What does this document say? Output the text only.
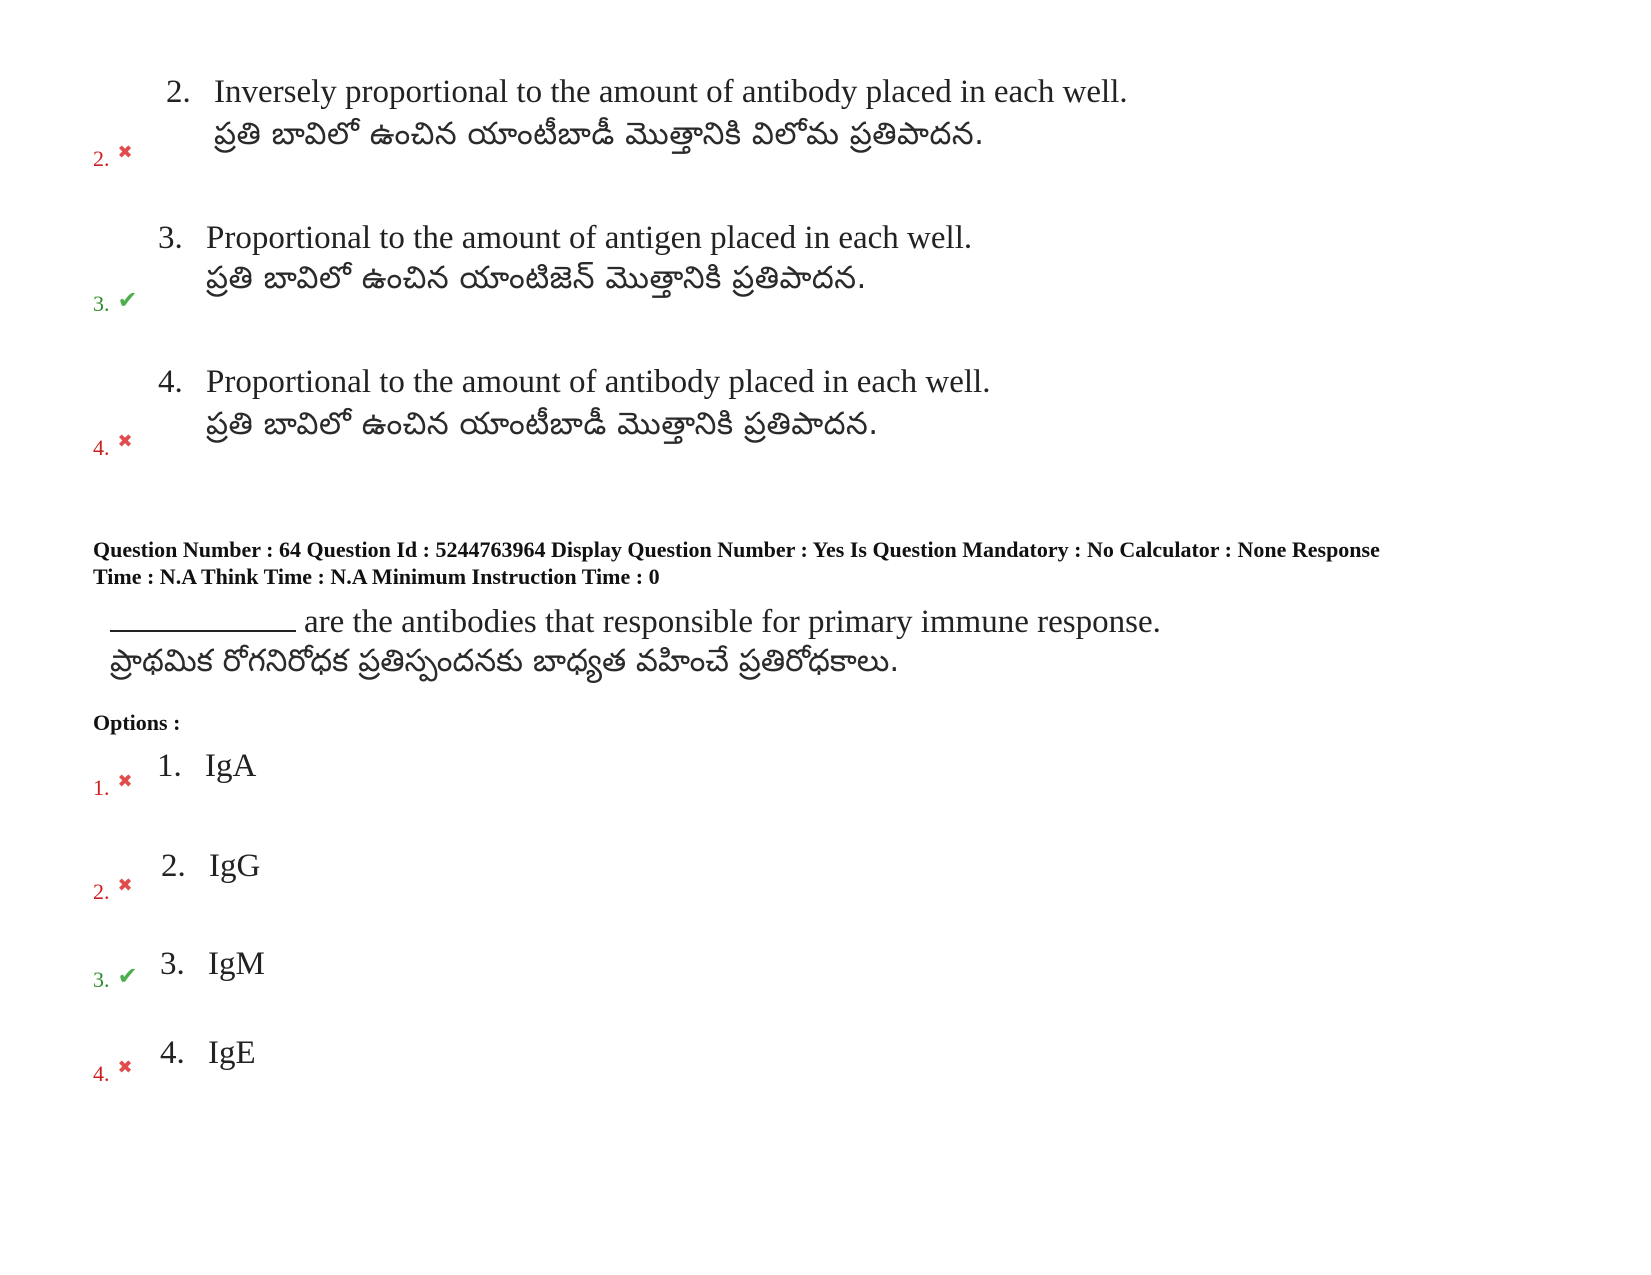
2. Inversely proportional to the amount of antibody placed in each well.
ప్రతి బావిలో ఉంచిన యాంటీబాడీ మొత్తానికి విలోమ ప్రతిపాదన.
2. ✖
3. Proportional to the amount of antigen placed in each well.
ప్రతి బావిలో ఉంచిన యాంటిజెన్ మొత్తానికి ప్రతిపాదన.
3. ✔
4. Proportional to the amount of antibody placed in each well.
ప్రతి బావిలో ఉంచిన యాంటీబాడీ మొత్తానికి ప్రతిపాదన.
4. ✖
Question Number : 64 Question Id : 5244763964 Display Question Number : Yes Is Question Mandatory : No Calculator : None Response
Time : N.A Think Time : N.A Minimum Instruction Time : 0
are the antibodies that responsible for primary immune response.
ప్రాథమిక రోగనిరోధక ప్రతిస్పందనకు బాధ్యత వహించే ప్రతిరోధకాలు.
Options :
1. IgA
1. ✖
2. IgG
2. ✖
3. IgM
3. ✔
4. IgE
4. ✖
